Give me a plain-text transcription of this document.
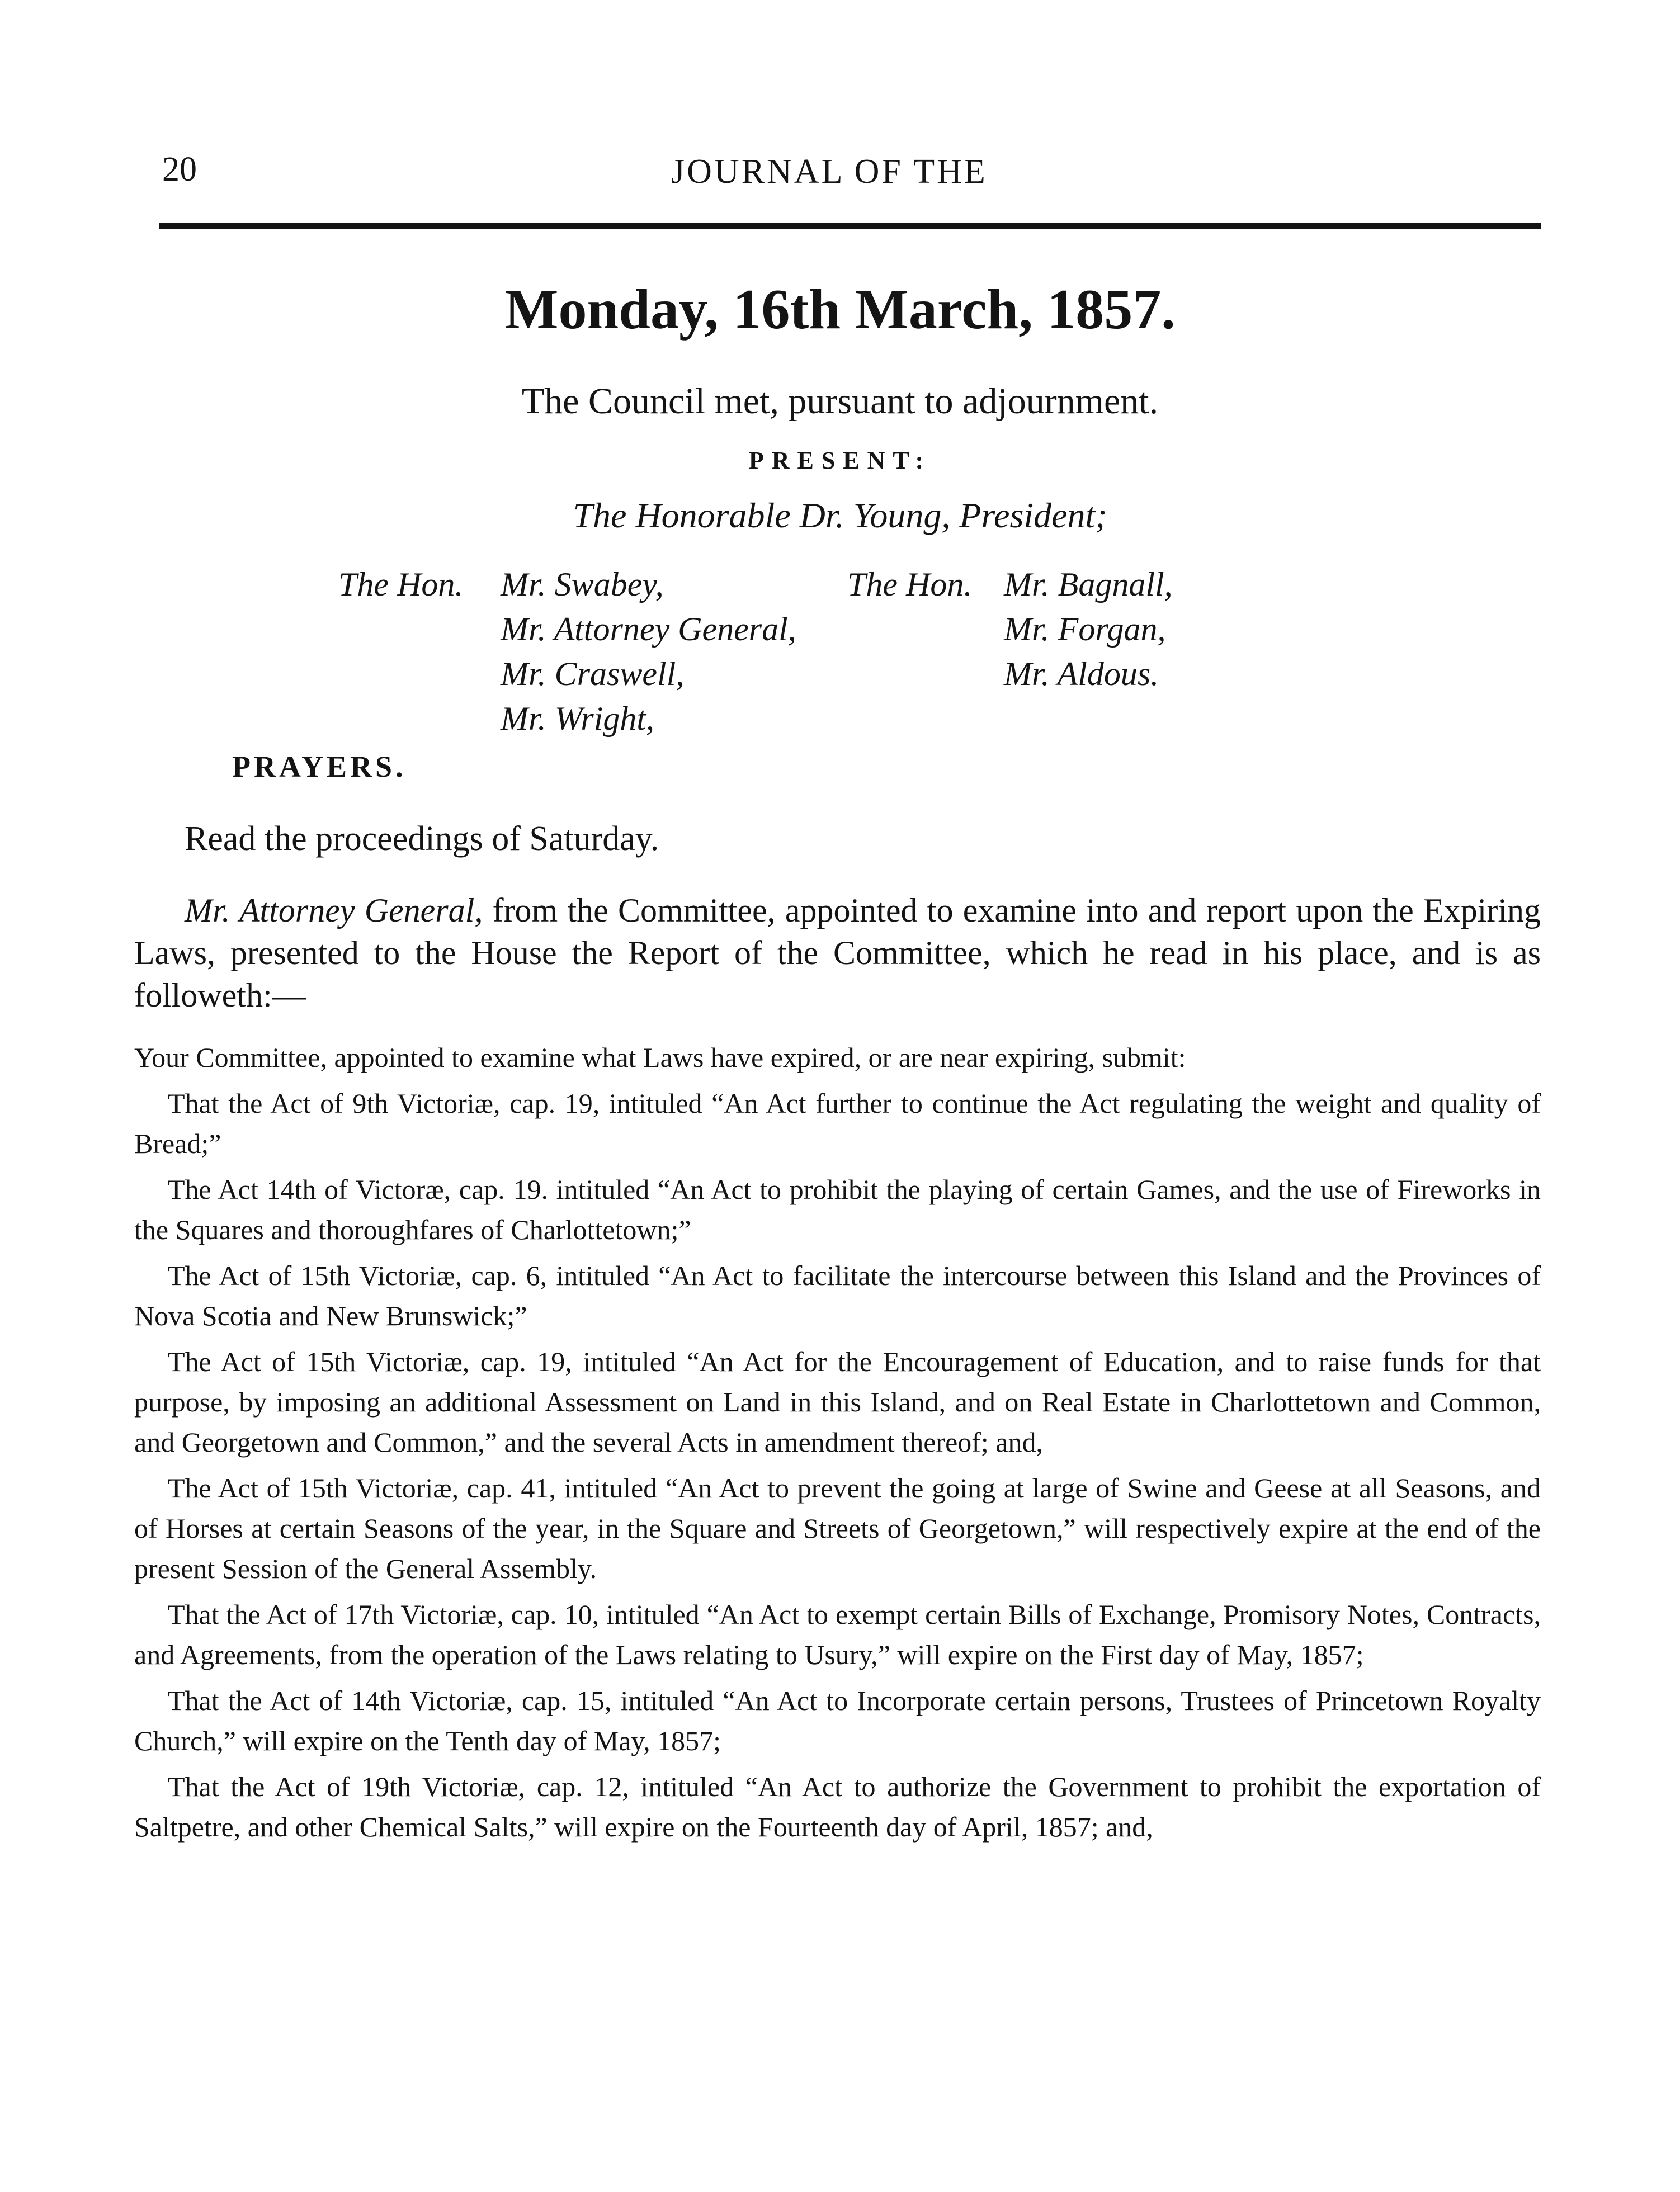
20	JOURNAL OF THE
Monday, 16th March, 1857.
The Council met, pursuant to adjournment.
PRESENT:
The Honorable Dr. Young, President;
The Hon. Mr. Swabey,
Mr. Attorney General,
Mr. Craswell,
Mr. Wright,
The Hon. Mr. Bagnall,
Mr. Forgan,
Mr. Aldous.
PRAYERS.
Read the proceedings of Saturday.
Mr. Attorney General, from the Committee, appointed to examine into and report upon the Expiring Laws, presented to the House the Report of the Committee, which he read in his place, and is as followeth:—

Your Committee, appointed to examine what Laws have expired, or are near expiring, submit:

That the Act of 9th Victoriæ, cap. 19, intituled “An Act further to continue the Act regulating the weight and quality of Bread;”

The Act 14th of Victoræ, cap. 19. intituled “An Act to prohibit the playing of certain Games, and the use of Fireworks in the Squares and thoroughfares of Charlottetown;”

The Act of 15th Victoriæ, cap. 6, intituled “An Act to facilitate the intercourse between this Island and the Provinces of Nova Scotia and New Brunswick;”

The Act of 15th Victoriæ, cap. 19, intituled “An Act for the Encouragement of Education, and to raise funds for that purpose, by imposing an additional Assessment on Land in this Island, and on Real Estate in Charlottetown and Common, and Georgetown and Common,” and the several Acts in amendment thereof; and,

The Act of 15th Victoriæ, cap. 41, intituled “An Act to prevent the going at large of Swine and Geese at all Seasons, and of Horses at certain Seasons of the year, in the Square and Streets of Georgetown,” will respectively expire at the end of the present Session of the General Assembly.

That the Act of 17th Victoriæ, cap. 10, intituled “An Act to exempt certain Bills of Exchange, Promisory Notes, Contracts, and Agreements, from the operation of the Laws relating to Usury,” will expire on the First day of May, 1857;

That the Act of 14th Victoriæ, cap. 15, intituled “An Act to Incorporate certain persons, Trustees of Princetown Royalty Church,” will expire on the Tenth day of May, 1857;

That the Act of 19th Victoriæ, cap. 12, intituled “An Act to authorize the Government to prohibit the exportation of Saltpetre, and other Chemical Salts,” will expire on the Fourteenth day of April, 1857; and,
